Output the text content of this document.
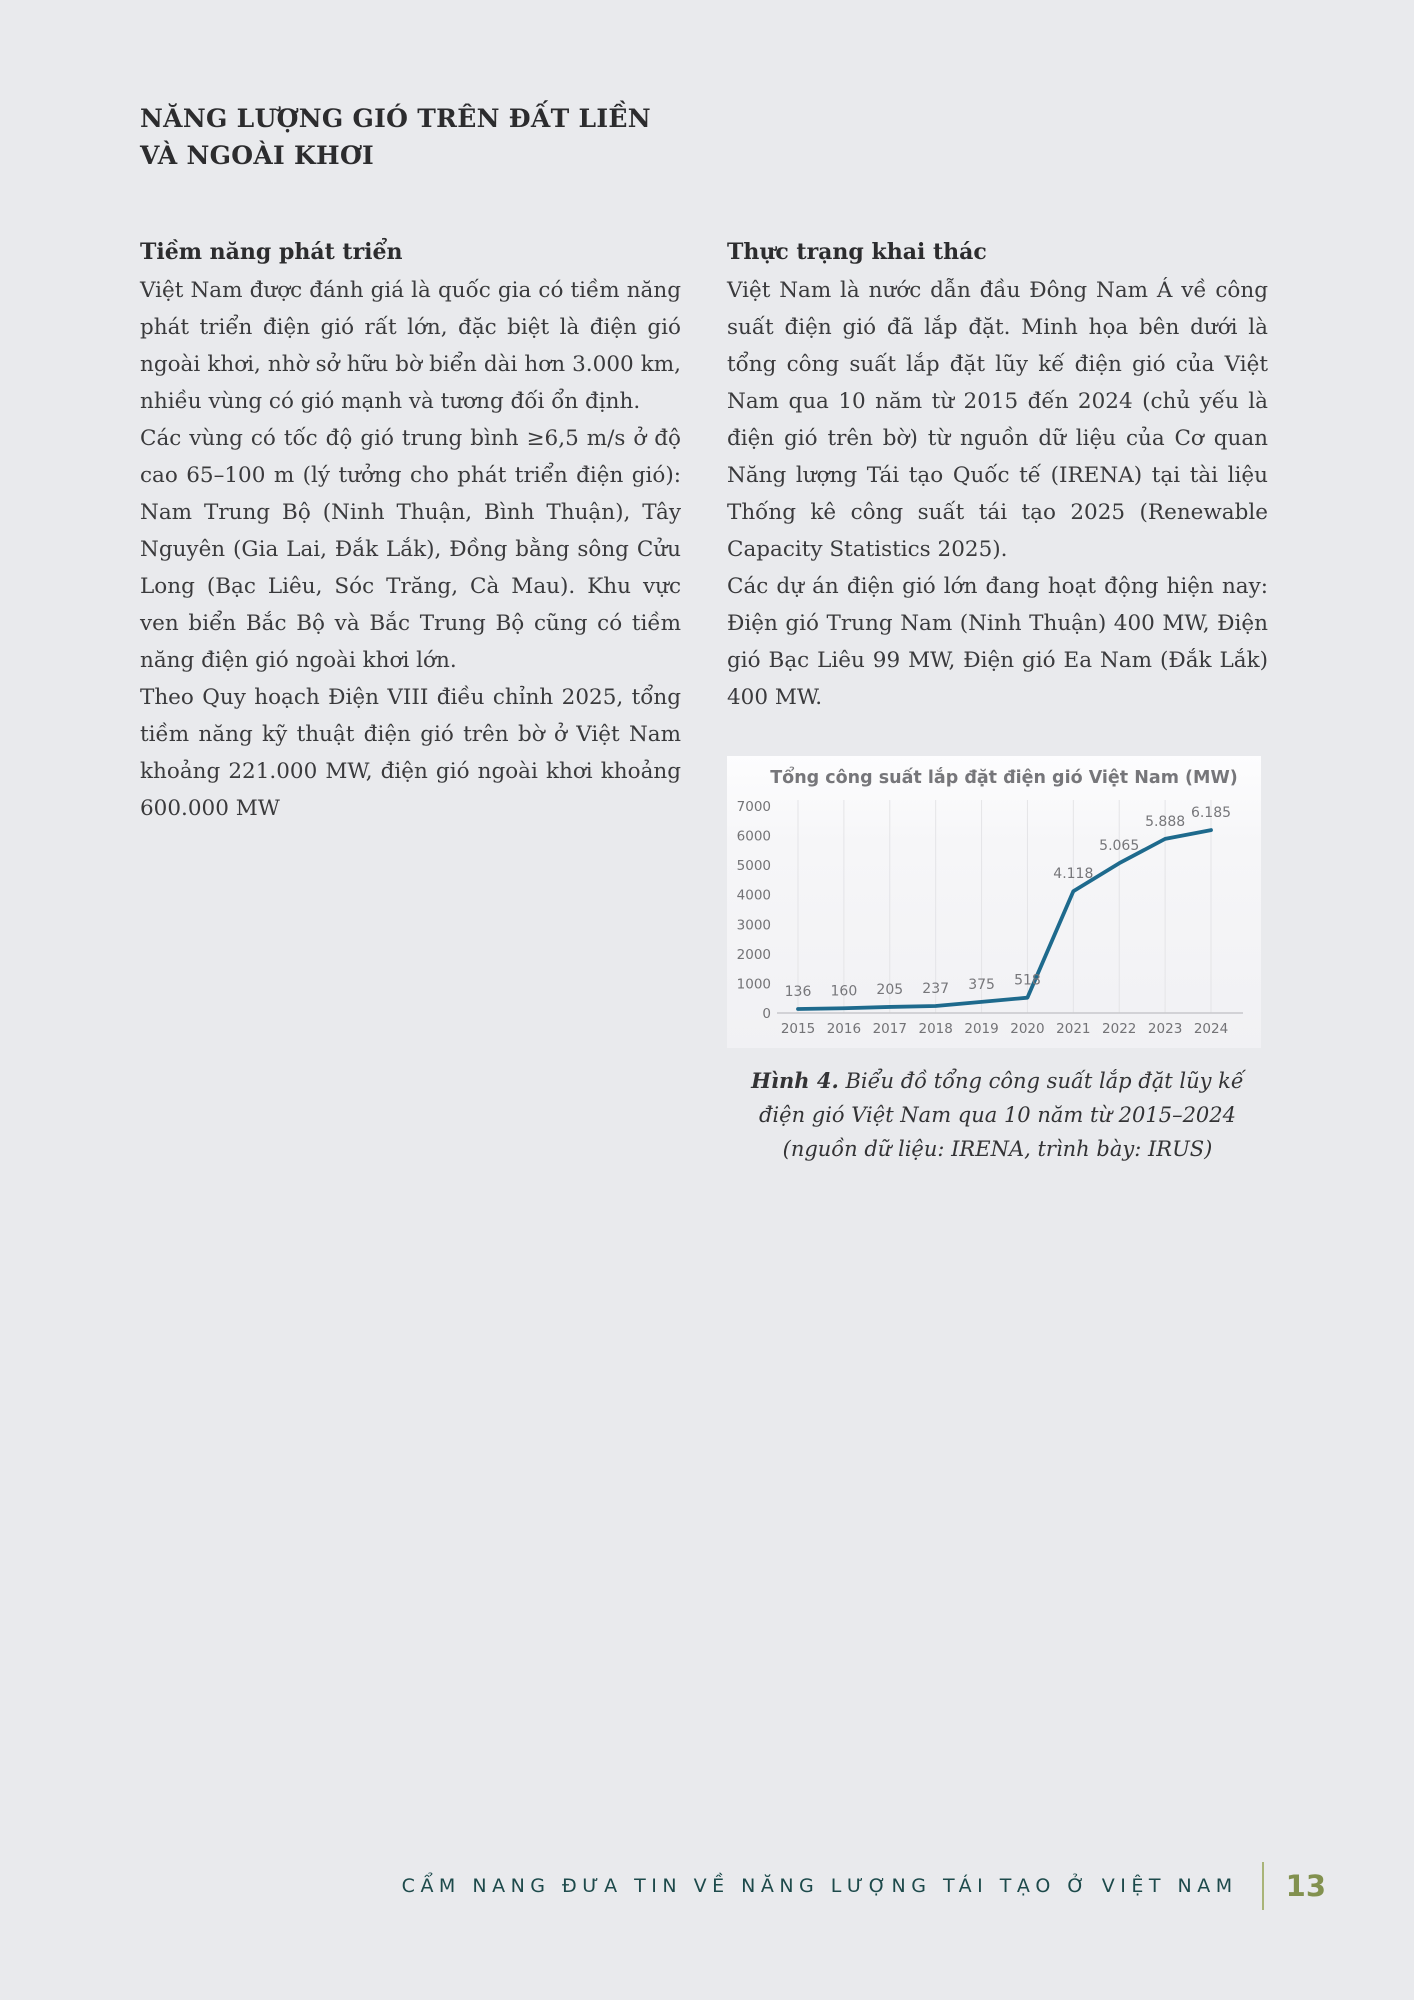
NĂNG LƯỢNG GIÓ TRÊN ĐẤT LIỀN
VÀ NGOÀI KHƠI
Tiềm năng phát triển

Việt Nam được đánh giá là quốc gia có tiềm năng phát triển điện gió rất lớn, đặc biệt là điện gió ngoài khơi, nhờ sở hữu bờ biển dài hơn 3.000 km, nhiều vùng có gió mạnh và tương đối ổn định.

Các vùng có tốc độ gió trung bình ≥6,5 m/s ở độ cao 65–100 m (lý tưởng cho phát triển điện gió): Nam Trung Bộ (Ninh Thuận, Bình Thuận), Tây Nguyên (Gia Lai, Đắk Lắk), Đồng bằng sông Cửu Long (Bạc Liêu, Sóc Trăng, Cà Mau). Khu vực ven biển Bắc Bộ và Bắc Trung Bộ cũng có tiềm năng điện gió ngoài khơi lớn.

Theo Quy hoạch Điện VIII điều chỉnh 2025, tổng tiềm năng kỹ thuật điện gió trên bờ ở Việt Nam khoảng 221.000 MW, điện gió ngoài khơi khoảng 600.000 MW

Thực trạng khai thác

Việt Nam là nước dẫn đầu Đông Nam Á về công suất điện gió đã lắp đặt. Minh họa bên dưới là tổng công suất lắp đặt lũy kế điện gió của Việt Nam qua 10 năm từ 2015 đến 2024 (chủ yếu là điện gió trên bờ) từ nguồn dữ liệu của Cơ quan Năng lượng Tái tạo Quốc tế (IRENA) tại tài liệu Thống kê công suất tái tạo 2025 (Renewable Capacity Statistics 2025).

Các dự án điện gió lớn đang hoạt động hiện nay: Điện gió Trung Nam (Ninh Thuận) 400 MW, Điện gió Bạc Liêu 99 MW, Điện gió Ea Nam (Đắk Lắk) 400 MW.

Tổng công suất lắp đặt điện gió Việt Nam (MW)
0
1000
2000
3000
4000
5000
6000
7000
2015 2016 2017 2018 2019 2020 2021 2022 2023 2024
136 160 205 237 375 518
4.118
5.065
5.888
6.185
Hình 4. Biểu đồ tổng công suất lắp đặt lũy kế điện gió Việt Nam qua 10 năm từ 2015–2024 (nguồn dữ liệu: IRENA, trình bày: IRUS)
CẨM NANG ĐƯA TIN VỀ NĂNG LƯỢNG TÁI TẠO Ở VIỆT NAM 13
